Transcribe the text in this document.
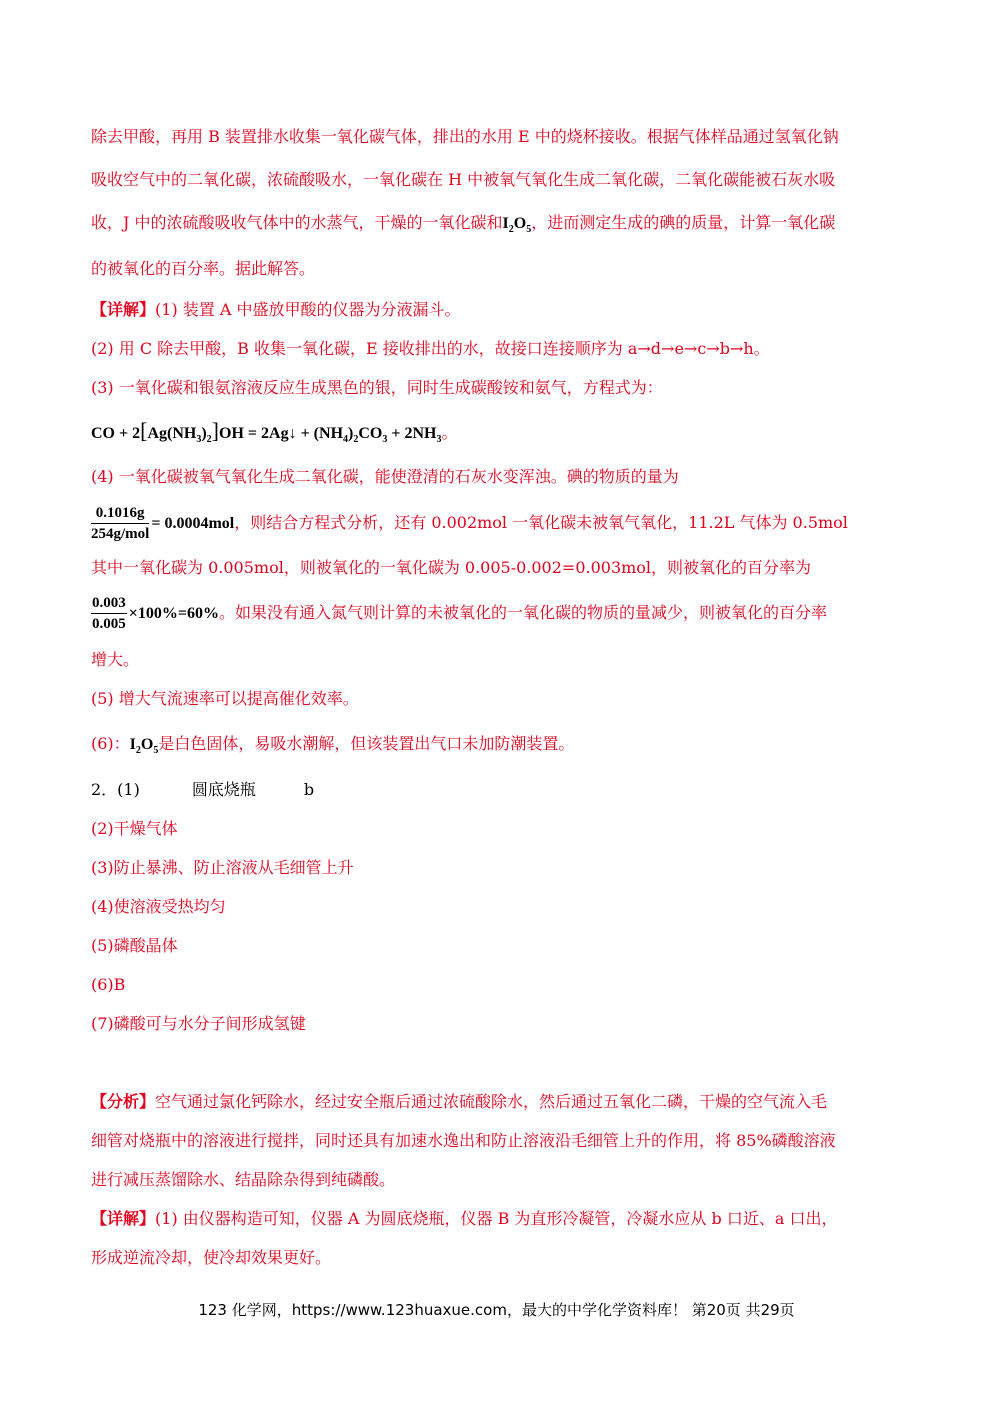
除去甲酸，再用 B 装置排水收集一氧化碳气体，排出的水用 E 中的烧杯接收。根据气体样品通过氢氧化钠
吸收空气中的二氧化碳，浓硫酸吸水，一氧化碳在 H 中被氧气氧化生成二氧化碳，二氧化碳能被石灰水吸
收，J 中的浓硫酸吸收气体中的水蒸气，干燥的一氧化碳和$I_2O_5$，进而测定生成的碘的质量，计算一氧化碳
的被氧化的百分率。据此解答。
【详解】(1) 装置 A 中盛放甲酸的仪器为分液漏斗。
(2) 用 C 除去甲酸，B 收集一氧化碳，E 接收排出的水，故接口连接顺序为 a→d→e→c→b→h。
(3) 一氧化碳和银氨溶液反应生成黑色的银，同时生成碳酸铵和氨气，方程式为：
CO + $2[Ag(NH_3)_2]OH$ = 2Ag↓ + $(NH_4)_2CO_3 + 2NH_3$。
(4) 一氧化碳被氧气氧化生成二氧化碳，能使澄清的石灰水变浑浊。碘的物质的量为
$\frac{0.1016g}{\text{254g/mol}} = 0.0004mol$，则结合方程式分析，还有 0.002mol 一氧化碳未被氧气氧化，11.2L 气体为 0.5mol
其中一氧化碳为 0.005mol，则被氧化的一氧化碳为 0.005-0.002=0.003mol，则被氧化的百分率为
$\frac{0.003}{0.005} \times 100\%=60\%$。如果没有通入氮气则计算的未被氧化的一氧化碳的物质的量减少，则被氧化的百分率
增大。
(5) 增大气流速率可以提高催化效率。
(6)：$I_2O_5$是白色固体，易吸水潮解，但该装置出气口未加防潮装置。
2．(1)	圆底烧瓶	b
(2)干燥气体
(3)防止暴沸、防止溶液从毛细管上升
(4)使溶液受热均匀
(5)磷酸晶体
(6)B
(7)磷酸可与水分子间形成氢键
【分析】空气通过氯化钙除水，经过安全瓶后通过浓硫酸除水，然后通过五氧化二磷，干燥的空气流入毛
细管对烧瓶中的溶液进行搅拌，同时还具有加速水逸出和防止溶液沿毛细管上升的作用，将 85%磷酸溶液
进行减压蒸馏除水、结晶除杂得到纯磷酸。
【详解】(1) 由仪器构造可知，仪器 A 为圆底烧瓶，仪器 B 为直形冷凝管，冷凝水应从 b 口近、a 口出，
形成逆流冷却，使冷却效果更好。
123 化学网，https://www.123huaxue.com，最大的中学化学资料库！ 第20页 共29页
